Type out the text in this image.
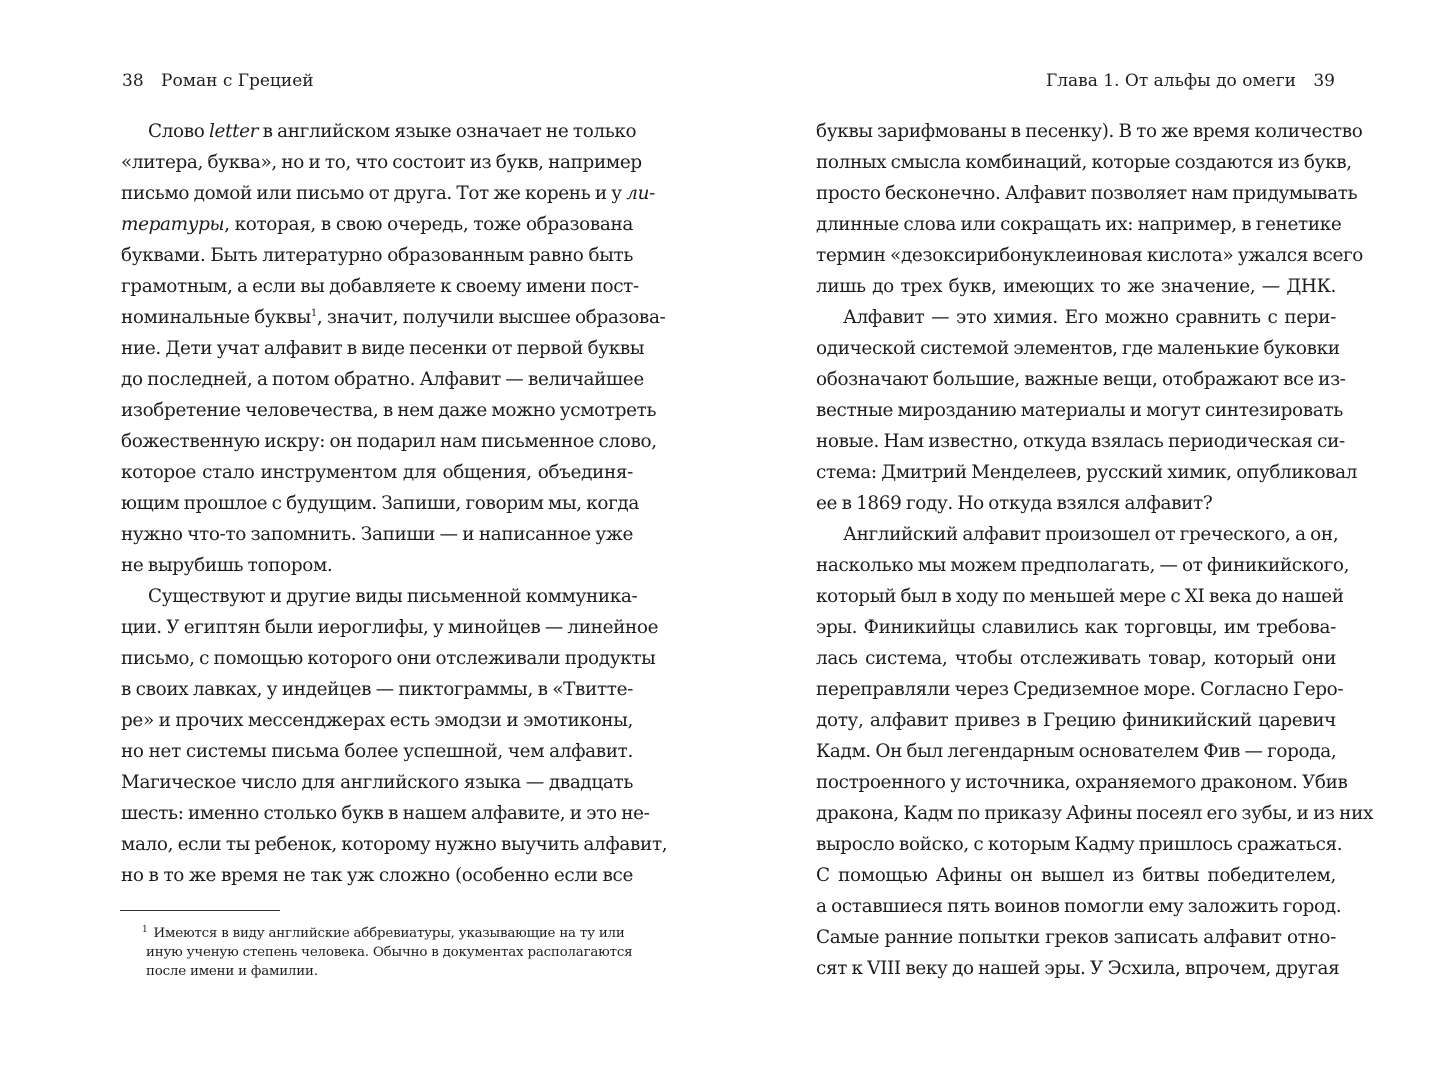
38 Роман с Грецией
Слово letter в английском языке означает не только
«литера, буква», но и то, что состоит из букв, например
письмо домой или письмо от друга. Тот же корень и у ли-
тературы, которая, в свою очередь, тоже образована
буквами. Быть литературно образованным равно быть
грамотным, а если вы добавляете к своему имени пост-
номинальные буквы$^1$, значит, получили высшее образова-
ние. Дети учат алфавит в виде песенки от первой буквы
до последней, а потом обратно. Алфавит — величайшее
изобретение человечества, в нем даже можно усмотреть
божественную искру: он подарил нам письменное слово,
которое стало инструментом для общения, объединя-
ющим прошлое с будущим. Запиши, говорим мы, когда
нужно что-то запомнить. Запиши — и написанное уже
не вырубишь топором.
Существуют и другие виды письменной коммуника-
ции. У египтян были иероглифы, у минойцев — линейное
письмо, с помощью которого они отслеживали продукты
в своих лавках, у индейцев — пиктограммы, в «Твитте-
ре» и прочих мессенджерах есть эмодзи и эмотиконы,
но нет системы письма более успешной, чем алфавит.
Магическое число для английского языка — двадцать
шесть: именно столько букв в нашем алфавите, и это не-
мало, если ты ребенок, которому нужно выучить алфавит,
но в то же время не так уж сложно (особенно если все
$^1$ Имеются в виду английские аббревиатуры, указывающие на ту или
иную ученую степень человека. Обычно в документах располагаются
после имени и фамилии.
Глава 1. От альфы до омеги 39
буквы зарифмованы в песенку). В то же время количество
полных смысла комбинаций, которые создаются из букв,
просто бесконечно. Алфавит позволяет нам придумывать
длинные слова или сокращать их: например, в генетике
термин «дезоксирибонуклеиновая кислота» ужался всего
лишь до трех букв, имеющих то же значение, — ДНК.
Алфавит — это химия. Его можно сравнить с пери-
одической системой элементов, где маленькие буковки
обозначают большие, важные вещи, отображают все из-
вестные мирозданию материалы и могут синтезировать
новые. Нам известно, откуда взялась периодическая си-
стема: Дмитрий Менделеев, русский химик, опубликовал
ее в 1869 году. Но откуда взялся алфавит?
Английский алфавит произошел от греческого, а он,
насколько мы можем предполагать, — от финикийского,
который был в ходу по меньшей мере с XI века до нашей
эры. Финикийцы славились как торговцы, им требова-
лась система, чтобы отслеживать товар, который они
переправляли через Средиземное море. Согласно Геро-
доту, алфавит привез в Грецию финикийский царевич
Кадм. Он был легендарным основателем Фив — города,
построенного у источника, охраняемого драконом. Убив
дракона, Кадм по приказу Афины посеял его зубы, и из них
выросло войско, с которым Кадму пришлось сражаться.
С помощью Афины он вышел из битвы победителем,
а оставшиеся пять воинов помогли ему заложить город.
Самые ранние попытки греков записать алфавит отно-
сят к VIII веку до нашей эры. У Эсхила, впрочем, другая
